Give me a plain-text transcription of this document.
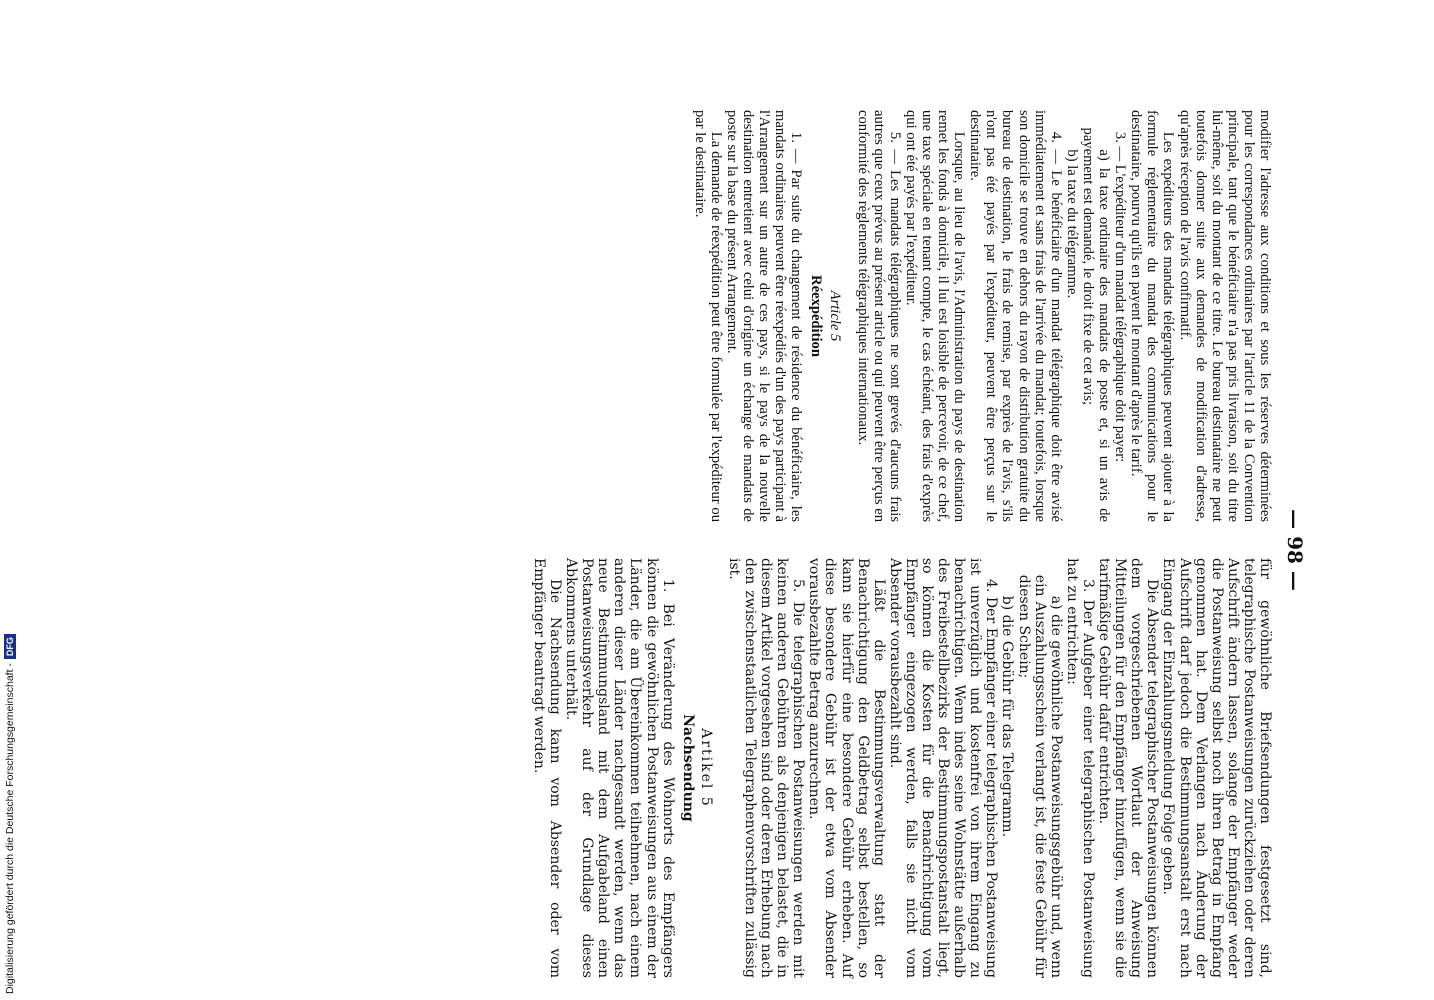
— 98 —

modifier l'adresse aux conditions et sous les réserves déterminées pour les correspondances ordinaires par l'article 11 de la Convention principale, tant que le bénéficiaire n'a pas pris livraison, soit du titre lui-même, soit du montant de ce titre. Le bureau destinataire ne peut toutefois donner suite aux demandes de modification d'adresse, qu'après réception de l'avis confirmatif.

Les expéditeurs des mandats télégraphiques peuvent ajouter à la formule réglementaire du mandat des communications pour le destinataire, pourvu qu'ils en payent le montant d'après le tarif.

3. — L'expéditeur d'un mandat télégraphique doit payer:

a) la taxe ordinaire des mandats de poste et, si un avis de payement est demandé, le droit fixe de cet avis;

b) la taxe du télégramme.

4. — Le bénéficiaire d'un mandat télégraphique doit être avisé immédiatement et sans frais de l'arrivée du mandat; toutefois, lorsque son domicile se trouve en dehors du rayon de distribution gratuite du bureau de destination, le frais de remise, par exprès de l'avis, s'ils n'ont pas été payés par l'expéditeur, peuvent être perçus sur le destinataire.

Lorsque, au lieu de l'avis, l'Administration du pays de destination remet les fonds à domicile, il lui est loisible de percevoir, de ce chef, une taxe spéciale en tenant compte, le cas échéant, des frais d'exprès qui ont été payés par l'expéditeur.

5. — Les mandats télégraphiques ne sont grevés d'aucuns frais autres que ceux prévus au présent article ou qui peuvent être perçus en conformité des règlements télégraphiques internationaux.

Article 5

Réexpédition

1. — Par suite du changement de résidence du bénéficiaire, les mandats ordinaires peuvent être réexpédiés d'un des pays participant à l'Arrangement sur un autre de ces pays, si le pays de la nouvelle destination entretient avec celui d'origine un échange de mandats de poste sur la base du présent Arrangement.

La demande de réexpédition peut être formulée par l'expéditeur ou par le destinataire.

für gewöhnliche Briefsendungen festgesetzt sind, telegraphische Postanweisungen zurückziehen oder deren Aufschrift ändern lassen, solange der Empfänger weder die Postanweisung selbst noch ihren Betrag in Empfang genommen hat. Dem Verlangen nach Änderung der Aufschrift darf jedoch die Bestimmungsanstalt erst nach Eingang der Einzahlungsmeldung Folge geben.

Die Absender telegraphischer Postanweisungen können dem vorgeschriebenen Wortlaut der Anweisung Mitteilungen für den Empfänger hinzufügen, wenn sie die tarifmäßige Gebühr dafür entrichten.

3. Der Aufgeber einer telegraphischen Postanweisung hat zu entrichten:

a) die gewöhnliche Postanweisungsgebühr und, wenn ein Auszahlungsschein verlangt ist, die feste Gebühr für diesen Schein;

b) die Gebühr für das Telegramm.

4. Der Empfänger einer telegraphischen Postanweisung ist unverzüglich und kostenfrei von ihrem Eingang zu benachrichtigen. Wenn indes seine Wohnstätte außerhalb des Freibestellbezirks der Bestimmungspostanstalt liegt, so können die Kosten für die Benachrichtigung vom Empfänger eingezogen werden, falls sie nicht vom Absender vorausbezahlt sind.

Läßt die Bestimmungsverwaltung statt der Benachrichtigung den Geldbetrag selbst bestellen, so kann sie hierfür eine besondere Gebühr erheben. Auf diese besondere Gebühr ist der etwa vom Absender vorausbezahlte Betrag anzurechnen.

5. Die telegraphischen Postanweisungen werden mit keinen anderen Gebühren als denjenigen belastet, die in diesem Artikel vorgesehen sind oder deren Erhebung nach den zwischenstaatlichen Telegraphenvorschriften zulässig ist.

Artikel 5

Nachsendung

1. Bei Veränderung des Wohnorts des Empfängers können die gewöhnlichen Postanweisungen aus einem der Länder, die am Übereinkommen teilnehmen, nach einem anderen dieser Länder nachgesandt werden, wenn das neue Bestimmungsland mit dem Aufgabeland einen Postanweisungsverkehr auf der Grundlage dieses Abkommens unterhält.

Die Nachsendung kann vom Absender oder vom Empfänger beantragt werden.

Digitalisierung gefördert durch die Deutsche Forschungsgemeinschaft -DFG
